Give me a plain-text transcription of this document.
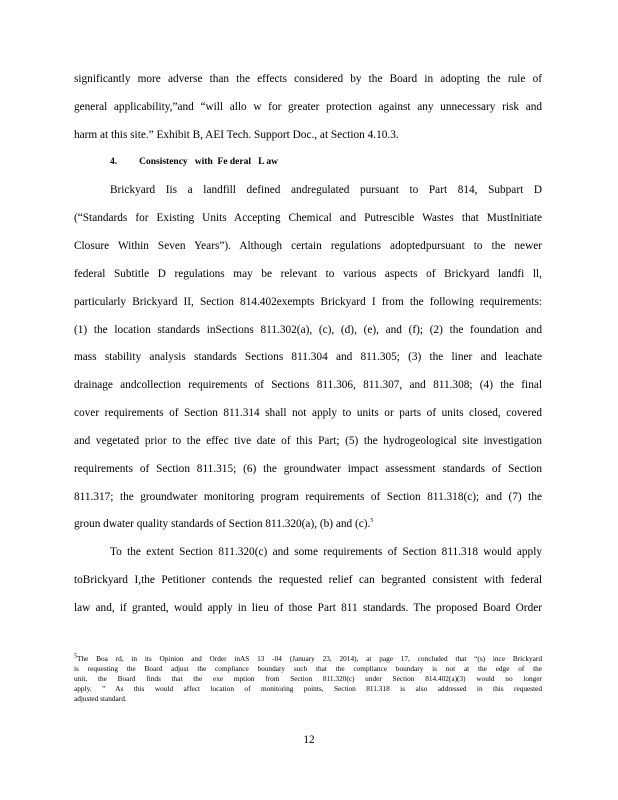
significantly more adverse than the effects considered by the Board in adopting the rule of
general applicability,”and “will allo w for greater protection against any unnecessary risk and
harm at this site.” Exhibit B, AEI Tech. Support Doc., at Section 4.10.3.
4. Consistency   with  Fe deral   L aw
Brickyard Iis a landfill defined andregulated pursuant to Part 814, Subpart D
(“Standards for Existing Units Accepting Chemical and Putrescible Wastes that MustInitiate
Closure Within Seven Years”). Although certain regulations adoptedpursuant to the newer
federal Subtitle D regulations may be relevant to various aspects of Brickyard landfi ll,
particularly Brickyard II, Section 814.402exempts Brickyard I from the following requirements:
(1) the location standards inSections 811.302(a), (c), (d), (e), and (f); (2) the foundation and
mass stability analysis standards Sections 811.304 and 811.305; (3) the liner and leachate
drainage andcollection requirements of Sections 811.306, 811.307, and 811.308; (4) the final
cover requirements of Section 811.314 shall not apply to units or parts of units closed, covered
and vegetated prior to the effec tive date of this Part; (5) the hydrogeological site investigation
requirements of Section 811.315; (6) the groundwater impact assessment standards of Section
811.317; the groundwater monitoring program requirements of Section 811.318(c); and (7) the
groun dwater quality standards of Section 811.320(a), (b) and (c).$^5$
To the extent Section 811.320(c) and some requirements of Section 811.318 would apply
toBrickyard I,the Petitioner contends the requested relief can begranted consistent with federal
law and, if granted, would apply in lieu of those Part 811 standards. The proposed Board Order
$^5$The Boa rd, in its Opinion and Order inAS 13 -04 (January 23, 2014), at page 17, concluded that “(s) ince Brickyard
is requesting the Board adjust the compliance boundary such that the compliance boundary is not at the edge of the
unit, the Board finds that the exe mption from Section 811.320(c) under Section 814.402(a)(3) would no longer
apply. ” As this would affect location of monitoring points, Section 811.318 is also addressed in this requested
adjusted standard.
12
